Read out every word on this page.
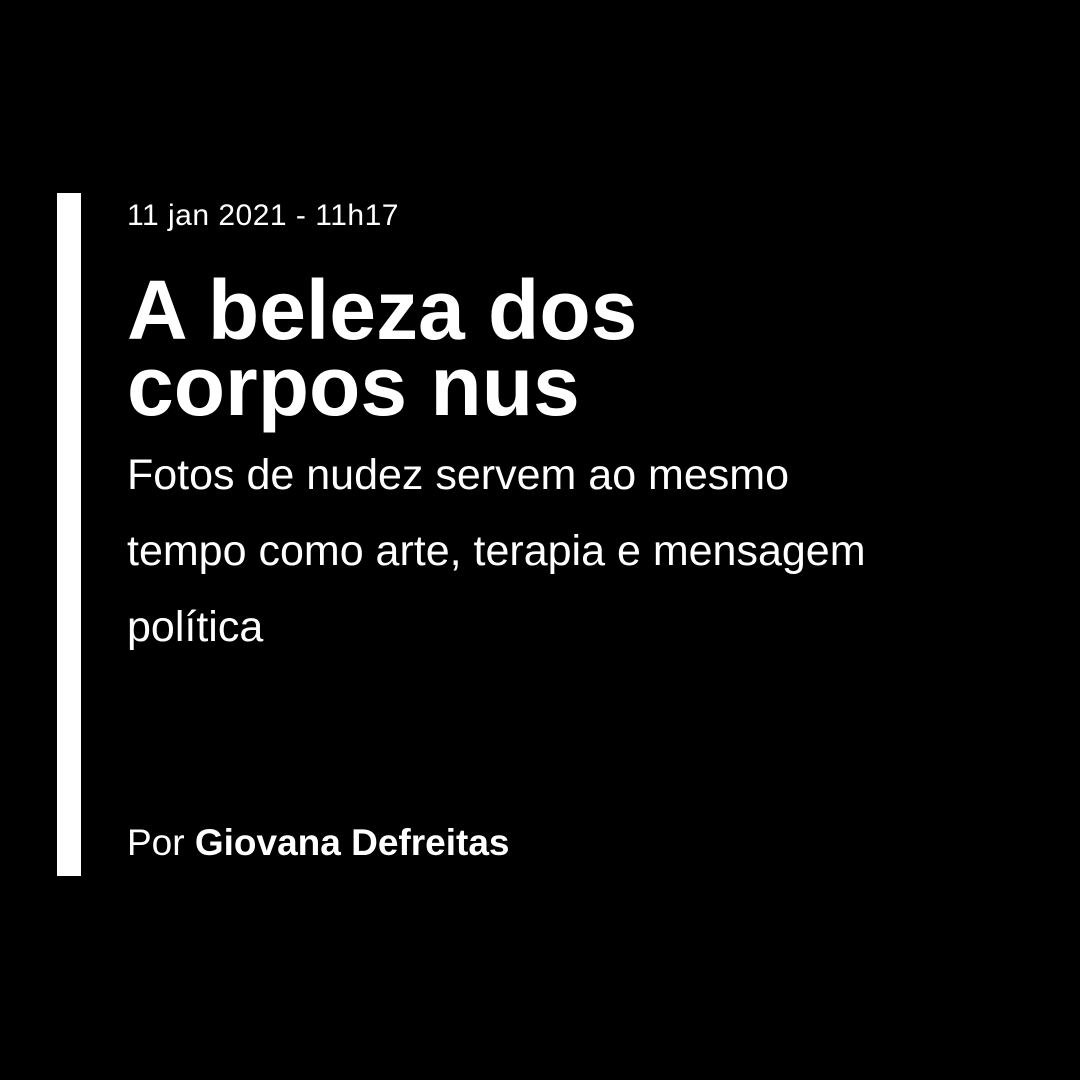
11 jan 2021 - 11h17

A beleza dos
corpos nus

Fotos de nudez servem ao mesmo
tempo como arte, terapia e mensagem
política

Por Giovana Defreitas
